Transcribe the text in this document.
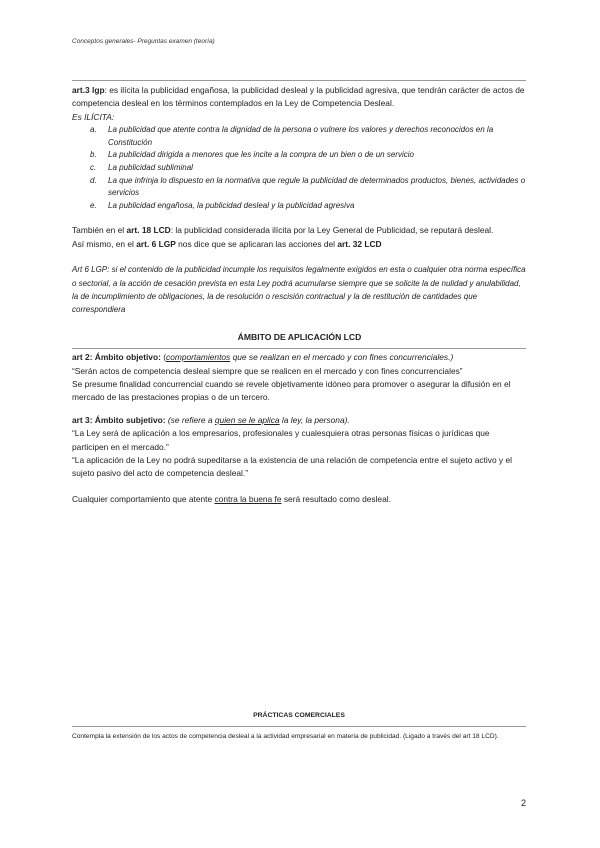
Conceptos generales- Preguntas examen (teoría)

art.3 lgp: es ilícita la publicidad engañosa, la publicidad desleal y la publicidad agresiva, que tendrán carácter de actos de competencia desleal en los términos contemplados en la Ley de Competencia Desleal.

Es ILÍCITA:

a. La publicidad que atente contra la dignidad de la persona o vulnere los valores y derechos reconocidos en la Constitución
b. La publicidad dirigida a menores que les incite a la compra de un bien o de un servicio
c. La publicidad subliminal
d. La que infrinja lo dispuesto en la normativa que regule la publicidad de determinados productos, bienes, actividades o servicios
e. La publicidad engañosa, la publicidad desleal y la publicidad agresiva

También en el art. 18 LCD: la publicidad considerada ilícita por la Ley General de Publicidad, se reputará desleal.

Así mismo, en el art. 6 LGP nos dice que se aplicaran las acciones del art. 32 LCD

Art 6 LGP: si el contenido de la publicidad incumple los requisitos legalmente exigidos en esta o cualquier otra norma específica o sectorial, a la acción de cesación prevista en esta Ley podrá acumularse siempre que se solicite la de nulidad y anulabilidad, la de incumplimiento de obligaciones, la de resolución o rescisión contractual y la de restitución de cantidades que correspondiera

ÁMBITO DE APLICACIÓN LCD

art 2: Ámbito objetivo: (comportamientos que se realizan en el mercado y con fines concurrenciales.)

“Serán actos de competencia desleal siempre que se realicen en el mercado y con fines concurrenciales”

Se presume finalidad concurrencial cuando se revele objetivamente idóneo para promover o asegurar la difusión en el mercado de las prestaciones propias o de un tercero.

art 3: Ámbito subjetivo: (se refiere a quien se le aplica la ley, la persona).

“La Ley será de aplicación a los empresarios, profesionales y cualesquiera otras personas físicas o jurídicas que participen en el mercado.”

“La aplicación de la Ley no podrá supeditarse a la existencia de una relación de competencia entre el sujeto activo y el sujeto pasivo del acto de competencia desleal.”

Cualquier comportamiento que atente contra la buena fe será resultado como desleal.

PRÁCTICAS COMERCIALES
Contempla la extensión de los actos de competencia desleal a la actividad empresarial en materia de publicidad. (Ligado a través del art 18 LCD).
2
